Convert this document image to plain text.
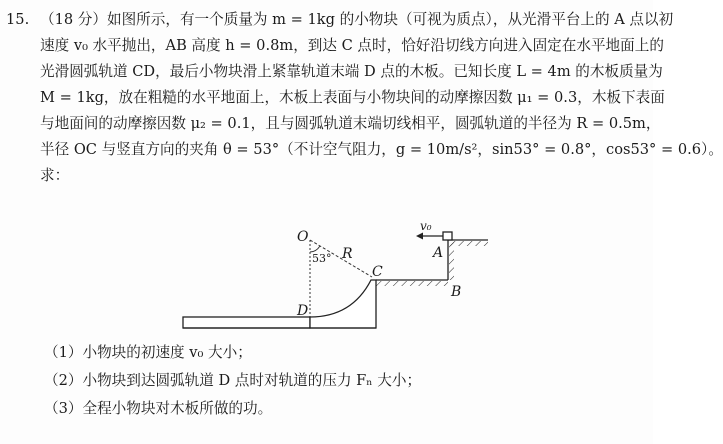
15. （18 分）如图所示，有一个质量为 m = 1kg 的小物块（可视为质点），从光滑平台上的 A 点以初
速度 v₀ 水平抛出，AB 高度 h = 0.8m，到达 C 点时，恰好沿切线方向进入固定在水平地面上的
光滑圆弧轨道 CD，最后小物块滑上紧靠轨道末端 D 点的木板。已知长度 L = 4m 的木板质量为
M = 1kg，放在粗糙的水平地面上，木板上表面与小物块间的动摩擦因数 μ₁ = 0.3，木板下表面
与地面间的动摩擦因数 μ₂ = 0.1，且与圆弧轨道末端切线相平，圆弧轨道的半径为 R = 0.5m，
半径 OC 与竖直方向的夹角 θ = 53°（不计空气阻力，g = 10m/s²，sin53° = 0.8°，cos53° = 0.6）。
求：
O
53° R
C
D
A
B
v₀
（1）小物块的初速度 v₀ 大小；
（2）小物块到达圆弧轨道 D 点时对轨道的压力 Fₙ 大小；
（3）全程小物块对木板所做的功。
